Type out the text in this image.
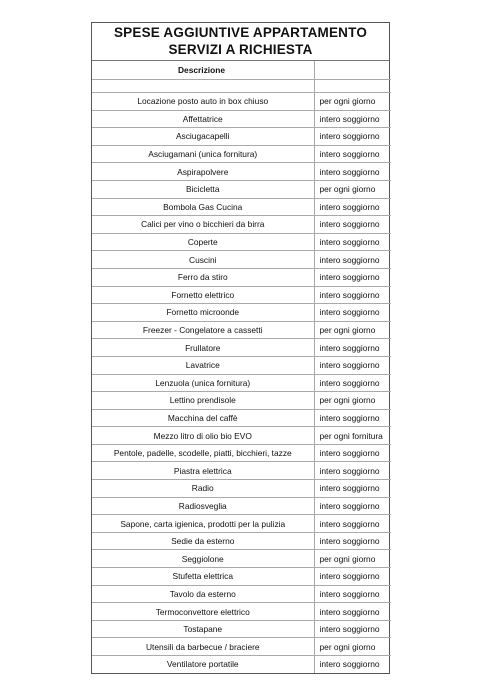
SPESE AGGIUNTIVE APPARTAMENTO
SERVIZI A RICHIESTA
Descrizione	

Locazione posto auto in box chiuso	per ogni giorno
Affettatrice	intero soggiorno
Asciugacapelli	intero soggiorno
Asciugamani (unica fornitura)	intero soggiorno
Aspirapolvere	intero soggiorno
Bicicletta	per ogni giorno
Bombola Gas Cucina	intero soggiorno
Calici per vino o bicchieri da birra	intero soggiorno
Coperte	intero soggiorno
Cuscini	intero soggiorno
Ferro da stiro	intero soggiorno
Fornetto elettrico	intero soggiorno
Fornetto microonde	intero soggiorno
Freezer - Congelatore a cassetti	per ogni giorno
Frullatore	intero soggiorno
Lavatrice	intero soggiorno
Lenzuola (unica fornitura)	intero soggiorno
Lettino prendisole	per ogni giorno
Macchina del caffè	intero soggiorno
Mezzo litro di olio bio EVO	per ogni fornitura
Pentole, padelle, scodelle, piatti, bicchieri, tazze	intero soggiorno
Piastra elettrica	intero soggiorno
Radio	intero soggiorno
Radiosveglia	intero soggiorno
Sapone, carta igienica, prodotti per la pulizia	intero soggiorno
Sedie da esterno	intero soggiorno
Seggiolone	per ogni giorno
Stufetta elettrica	intero soggiorno
Tavolo da esterno	intero soggiorno
Termoconvettore elettrico	intero soggiorno
Tostapane	intero soggiorno
Utensili da barbecue / braciere	per ogni giorno
Ventilatore portatile	intero soggiorno
